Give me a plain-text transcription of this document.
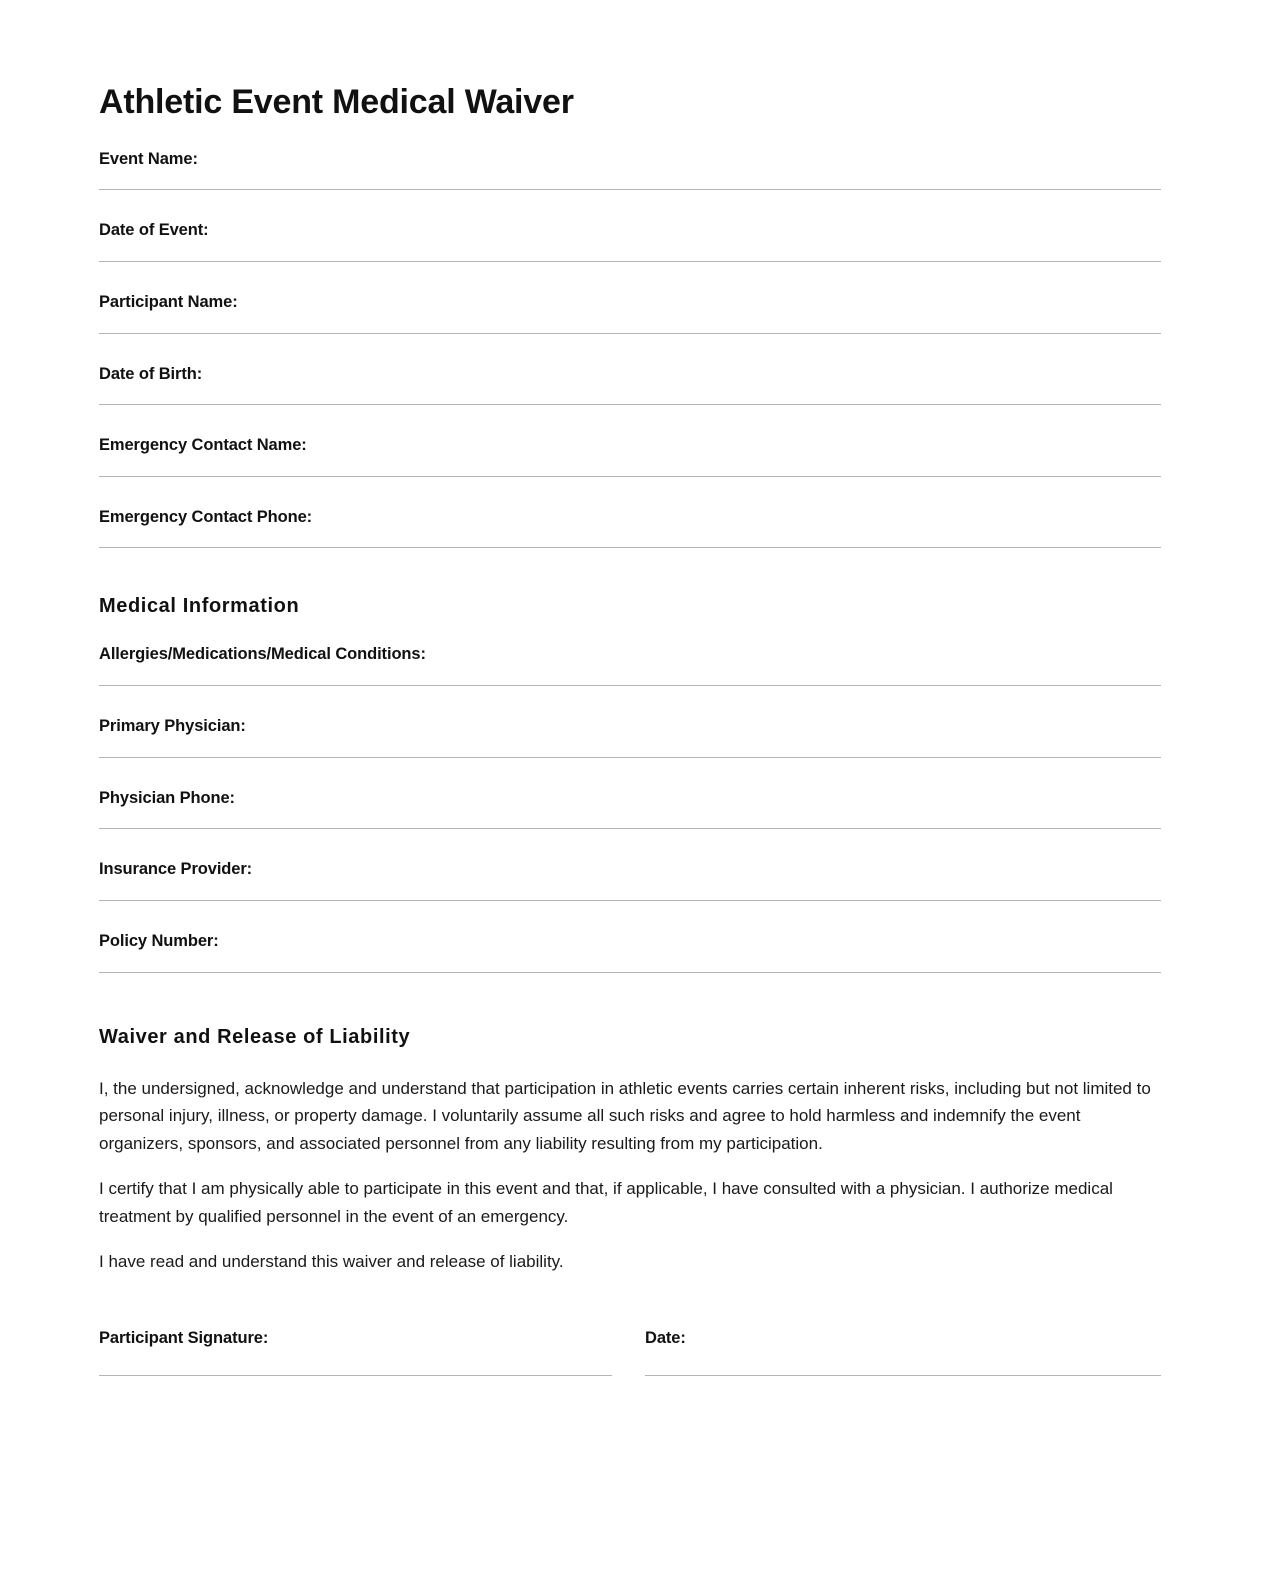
Athletic Event Medical Waiver
Event Name:
Date of Event:
Participant Name:
Date of Birth:
Emergency Contact Name:
Emergency Contact Phone:
Medical Information
Allergies/Medications/Medical Conditions:
Primary Physician:
Physician Phone:
Insurance Provider:
Policy Number:
Waiver and Release of Liability

I, the undersigned, acknowledge and understand that participation in athletic events carries certain inherent risks, including but not limited to personal injury, illness, or property damage. I voluntarily assume all such risks and agree to hold harmless and indemnify the event organizers, sponsors, and associated personnel from any liability resulting from my participation.

I certify that I am physically able to participate in this event and that, if applicable, I have consulted with a physician. I authorize medical treatment by qualified personnel in the event of an emergency.

I have read and understand this waiver and release of liability.

Participant Signature:	Date:
